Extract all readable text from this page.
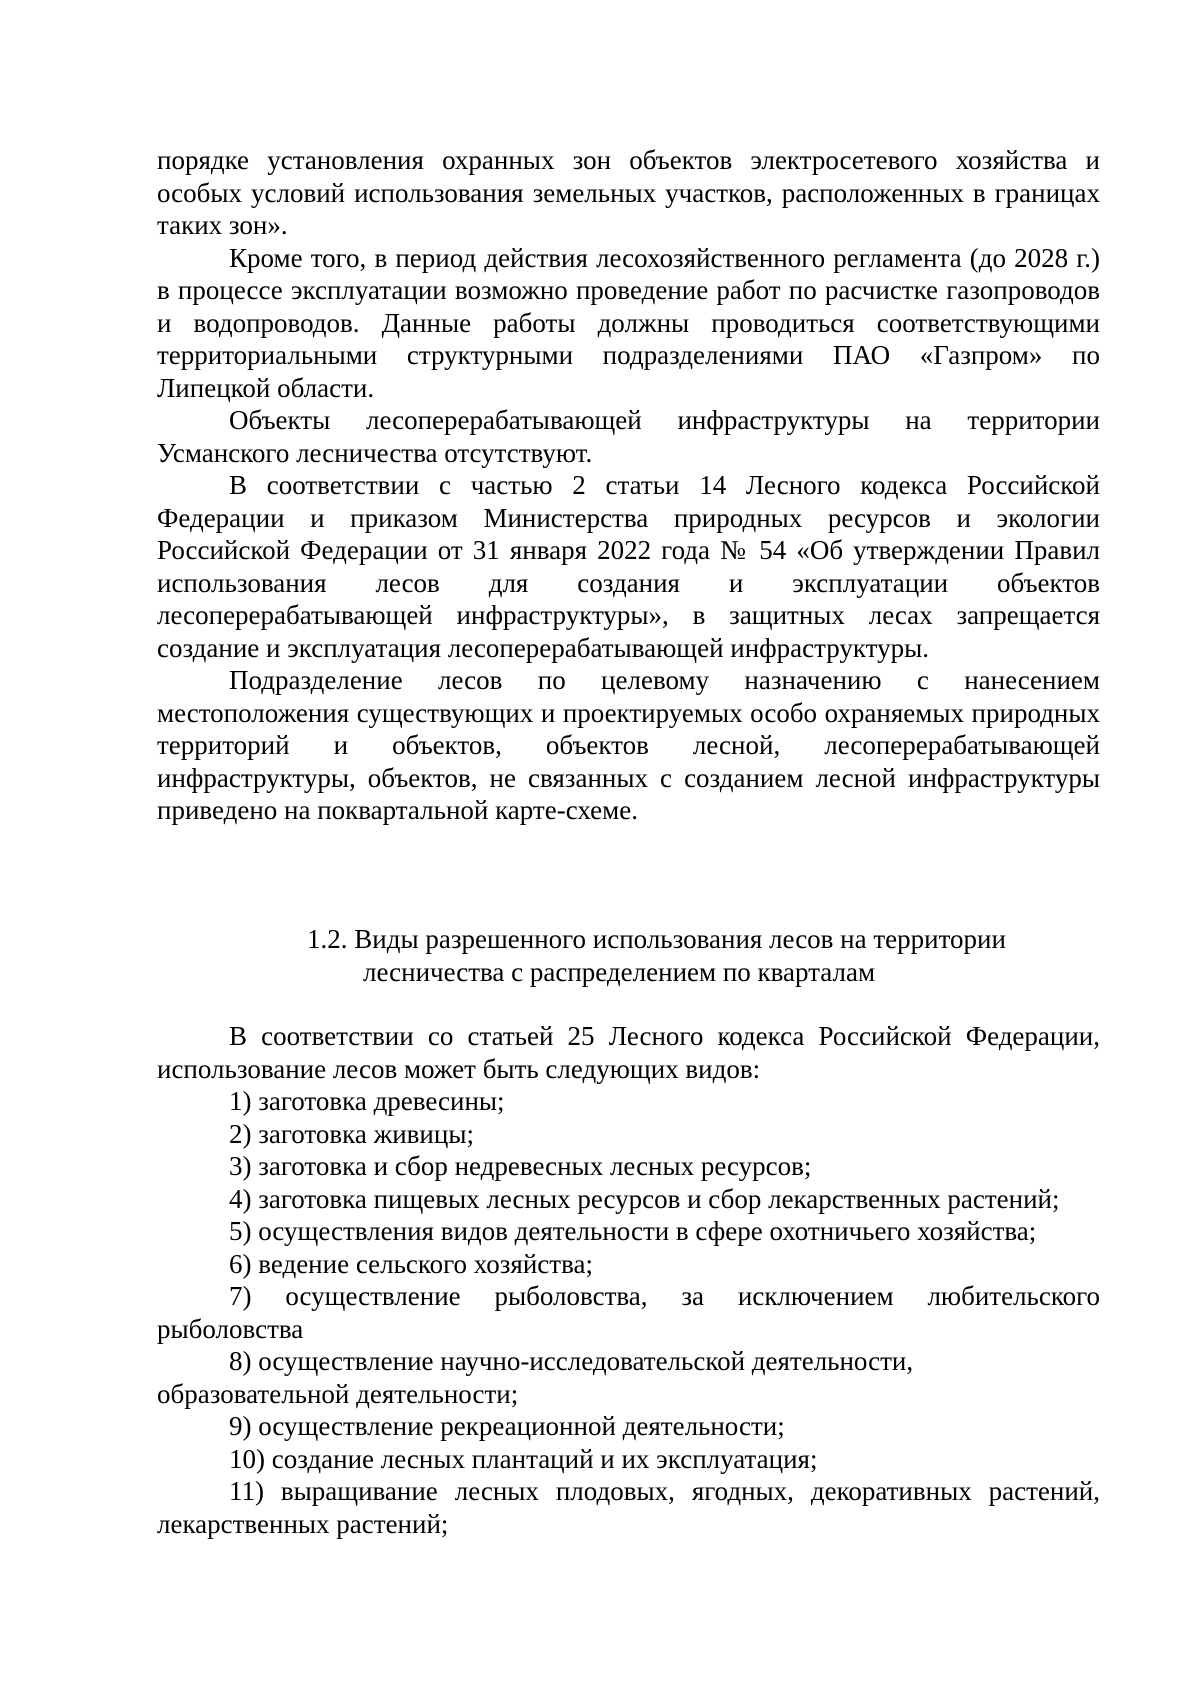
порядке установления охранных зон объектов электросетевого хозяйства и особых условий использования земельных участков, расположенных в границах таких зон».

Кроме того, в период действия лесохозяйственного регламента (до 2028 г.) в процессе эксплуатации возможно проведение работ по расчистке газопроводов и водопроводов. Данные работы должны проводиться соответствующими территориальными структурными подразделениями ПАО «Газпром» по Липецкой области.

Объекты лесоперерабатывающей инфраструктуры на территории Усманского лесничества отсутствуют.

В соответствии с частью 2 статьи 14 Лесного кодекса Российской Федерации и приказом Министерства природных ресурсов и экологии Российской Федерации от 31 января 2022 года № 54 «Об утверждении Правил использования лесов для создания и эксплуатации объектов лесоперерабатывающей инфраструктуры», в защитных лесах запрещается создание и эксплуатация лесоперерабатывающей инфраструктуры.

Подразделение лесов по целевому назначению с нанесением местоположения существующих и проектируемых особо охраняемых природных территорий и объектов, объектов лесной, лесоперерабатывающей инфраструктуры, объектов, не связанных с созданием лесной инфраструктуры приведено на поквартальной карте-схеме.

1.2. Виды разрешенного использования лесов на территории
лесничества с распределением по кварталам

В соответствии со статьей 25 Лесного кодекса Российской Федерации, использование лесов может быть следующих видов:

1) заготовка древесины;

2) заготовка живицы;

3) заготовка и сбор недревесных лесных ресурсов;

4) заготовка пищевых лесных ресурсов и сбор лекарственных растений;

5) осуществления видов деятельности в сфере охотничьего хозяйства;

6) ведение сельского хозяйства;

7) осуществление рыболовства, за исключением любительского рыболовства

8) осуществление научно-исследовательской деятельности, образовательной деятельности;

9) осуществление рекреационной деятельности;

10) создание лесных плантаций и их эксплуатация;

11) выращивание лесных плодовых, ягодных, декоративных растений, лекарственных растений;
